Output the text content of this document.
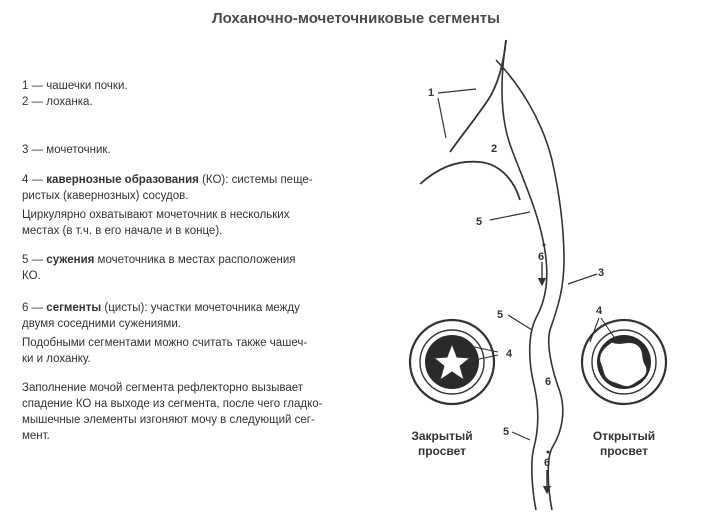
Лоханочно-мочеточниковые сегменты

1 — чашечки почки.

2 — лоханка.

3 — мочеточник.

4 — кавернозные образования (КО): системы пеще-

ристых (кавернозных) сосудов.

Циркулярно охватывают мочеточник в нескольких

местах (в т.ч. в его начале и в конце).

5 — сужения мочеточника в местах расположения

КО.

6 — сегменты (цисты): участки мочеточника между

двумя соседними сужениями.

Подобными сегментами можно считать также чашеч-

ки и лоханку.

Заполнение мочой сегмента рефлекторно вызывает

спадение КО на выходе из сегмента, после чего гладко-

мышечные элементы изгоняют мочу в следующий сег-

мент.

1
2
3
5
6
5
6
5
6
4
4
Закрытый
просвет
Открытый
просвет
